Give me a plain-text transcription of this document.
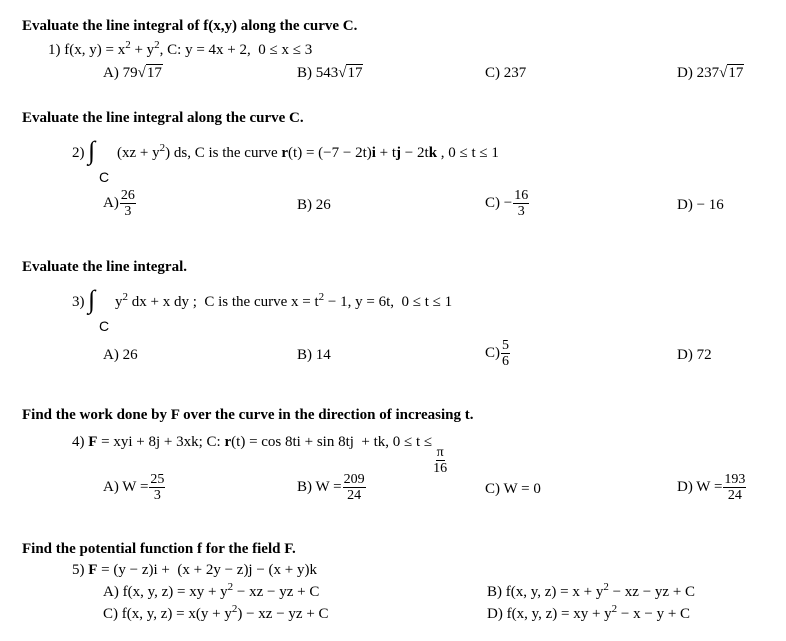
Evaluate the line integral of f(x,y) along the curve C.
1) f(x, $y) = x^2 + y^2$, C: y = 4x + 2,  0 ≤ x ≤ 3
A) 79√17	B) 543√17	C) 237	D) 237√17
Evaluate the line integral along the curve C.
2) ∫
C
$(xz + y^2)$ ds, C is the curve r(t) = (−7 − 2t)i + tj − 2tk , 0 ≤ t ≤ 1
$A) \frac{26}{3}$	B) 26	$C) - \frac{16}{3}$	D) − 16
Evaluate the line integral.
3) ∫
C
$y^2$ dx + x dy ;  C is the curve $x = t^2 - 1$, y = 6t,  0 ≤ t ≤ 1
A) 26	B) 14	$C) \frac{5}{6}$	D) 72
Find the work done by F over the curve in the direction of increasing t.
4) F = xyi + 8j + 3xk; C: r(t) = cos 8ti + sin 8tj  + tk, 0 ≤ t ≤
$\frac{\pi}{16}$
A) $W = \frac{25}{3}$	B) $W = \frac{209}{24}$	C) W = 0	D) $W = \frac{193}{24}$
Find the potential function f for the field F.
5) F = (y − z)i +  (x + 2y − z)j − (x + y)k
A) f(x, y, z) = xy + $y^2$ − xz − yz + C	B) f(x, y, $z) = x + y^2$ − xz − yz + C
C) f(x, y, $z) = x(y + y^2)$ − xz − yz + C	D) f(x, y, z) = xy + $y^2 - x - y + C$
